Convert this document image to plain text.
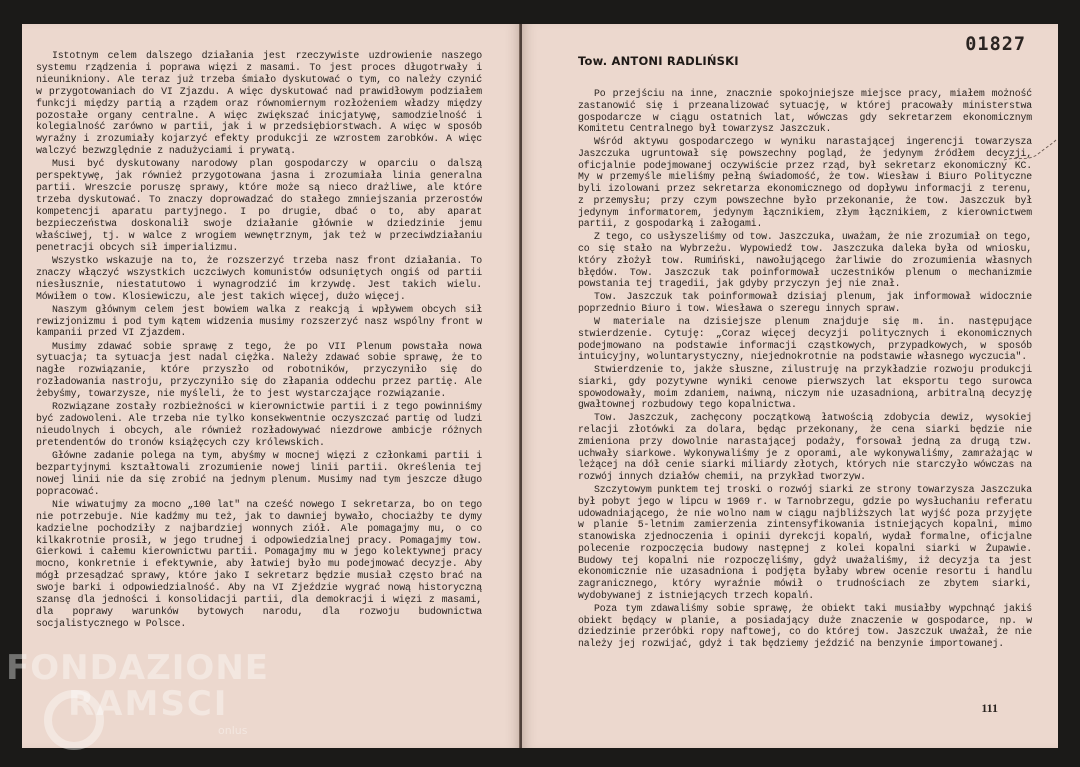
Istotnym celem dalszego działania jest rzeczywiste uzdrowienie naszego systemu rządzenia i poprawa więzi z masami. To jest proces długotrwały i nieunikniony. Ale teraz już trzeba śmiało dyskutować o tym, co należy czynić w przygotowaniach do VI Zjazdu. A więc dyskutować nad prawidłowym podziałem funkcji między partią a rządem oraz równomiernym rozłożeniem władzy między pozostałe organy centralne. A więc zwiększać inicjatywę, samodzielność i kolegialność zarówno w partii, jak i w przedsiębiorstwach. A więc w sposób wyraźny i zrozumiały kojarzyć efekty produkcji ze wzrostem zarobków. A więc walczyć bezwzględnie z nadużyciami i prywatą.

Musi być dyskutowany narodowy plan gospodarczy w oparciu o dalszą perspektywę, jak również przygotowana jasna i zrozumiała linia generalna partii. Wreszcie poruszę sprawy, które może są nieco drażliwe, ale które trzeba dyskutować. To znaczy doprowadzać do stałego zmniejszania przerostów kompetencji aparatu partyjnego. I po drugie, dbać o to, aby aparat bezpieczeństwa doskonalił swoje działanie głównie w dziedzinie jemu właściwej, tj. w walce z wrogiem wewnętrznym, jak też w przeciwdziałaniu penetracji obcych sił imperializmu.

Wszystko wskazuje na to, że rozszerzyć trzeba nasz front działania. To znaczy włączyć wszystkich uczciwych komunistów odsuniętych ongiś od partii niesłusznie, niestatutowo i wynagrodzić im krzywdę. Jest takich wielu. Mówiłem o tow. Klosiewiczu, ale jest takich więcej, dużo więcej.

Naszym głównym celem jest bowiem walka z reakcją i wpływem obcych sił rewizjonizmu i pod tym kątem widzenia musimy rozszerzyć nasz wspólny front w kampanii przed VI Zjazdem.

Musimy zdawać sobie sprawę z tego, że po VII Plenum powstała nowa sytuacja; ta sytuacja jest nadal ciężka. Należy zdawać sobie sprawę, że to nagłe rozwiązanie, które przyszło od robotników, przyczyniło się do rozładowania nastroju, przyczyniło się do złapania oddechu przez partię. Ale żebyśmy, towarzysze, nie myśleli, że to jest wystarczające rozwiązanie.

Rozwiązane zostały rozbieżności w kierownictwie partii i z tego powinniśmy być zadowoleni. Ale trzeba nie tylko konsekwentnie oczyszczać partię od ludzi nieudolnych i obcych, ale również rozładowywać niezdrowe ambicje różnych pretendentów do tronów książęcych czy królewskich.

Główne zadanie polega na tym, abyśmy w mocnej więzi z członkami partii i bezpartyjnymi kształtowali zrozumienie nowej linii partii. Określenia tej nowej linii nie da się zrobić na jednym plenum. Musimy nad tym jeszcze długo popracować.

Nie wiwatujmy za mocno „100 lat" na cześć nowego I sekretarza, bo on tego nie potrzebuje. Nie kadźmy mu też, jak to dawniej bywało, chociażby te dymy kadzielne pochodziły z najbardziej wonnych ziół. Ale pomagajmy mu, o co kilkakrotnie prosił, w jego trudnej i odpowiedzialnej pracy. Pomagajmy tow. Gierkowi i całemu kierownictwu partii. Pomagajmy mu w jego kolektywnej pracy mocno, konkretnie i efektywnie, aby łatwiej było mu podejmować decyzje. Aby mógł przesądzać sprawy, które jako I sekretarz będzie musiał często brać na swoje barki i odpowiedzialność. Aby na VI Zjeździe wygrać nową historyczną szansę dla jedności i konsolidacji partii, dla demokracji i więzi z masami, dla poprawy warunków bytowych narodu, dla rozwoju budownictwa socjalistycznego w Polsce.

01827
Tow. ANTONI RADLIŃSKI

Po przejściu na inne, znacznie spokojniejsze miejsce pracy, miałem możność zastanowić się i przeanalizować sytuację, w której pracowały ministerstwa gospodarcze w ciągu ostatnich lat, wówczas gdy sekretarzem ekonomicznym Komitetu Centralnego był towarzysz Jaszczuk.

Wśród aktywu gospodarczego w wyniku narastającej ingerencji towarzysza Jaszczuka ugruntował się powszechny pogląd, że jedynym źródłem decyzji, oficjalnie podejmowanej oczywiście przez rząd, był sekretarz ekonomiczny KC. My w przemyśle mieliśmy pełną świadomość, że tow. Wiesław i Biuro Polityczne byli izolowani przez sekretarza ekonomicznego od dopływu informacji z terenu, z przemysłu; przy czym powszechne było przekonanie, że tow. Jaszczuk był jedynym informatorem, jedynym łącznikiem, złym łącznikiem, z kierownictwem partii, z gospodarką i załogami.

Z tego, co usłyszeliśmy od tow. Jaszczuka, uważam, że nie zrozumiał on tego, co się stało na Wybrzeżu. Wypowiedź tow. Jaszczuka daleka była od wniosku, który złożył tow. Rumiński, nawołującego żarliwie do zrozumienia własnych błędów. Tow. Jaszczuk tak poinformował uczestników plenum o mechanizmie powstania tej tragedii, jak gdyby przyczyn jej nie znał.

Tow. Jaszczuk tak poinformował dzisiaj plenum, jak informował widocznie poprzednio Biuro i tow. Wiesława o szeregu innych spraw.

W materiale na dzisiejsze plenum znajduje się m. in. następujące stwierdzenie. Cytuję: „Coraz więcej decyzji politycznych i ekonomicznych podejmowano na podstawie informacji cząstkowych, przypadkowych, w sposób intuicyjny, woluntarystyczny, niejednokrotnie na podstawie własnego wyczucia".

Stwierdzenie to, jakże słuszne, zilustruję na przykładzie rozwoju produkcji siarki, gdy pozytywne wyniki cenowe pierwszych lat eksportu tego surowca spowodowały, moim zdaniem, naiwną, niczym nie uzasadnioną, arbitralną decyzję gwałtownej rozbudowy tego kopalnictwa.

Tow. Jaszczuk, zachęcony początkową łatwością zdobycia dewiz, wysokiej relacji złotówki za dolara, będąc przekonany, że cena siarki będzie nie zmieniona przy dowolnie narastającej podaży, forsował jedną za drugą tzw. uchwały siarkowe. Wykonywaliśmy je z oporami, ale wykonywaliśmy, zamrażając w leżącej na dół cenie siarki miliardy złotych, których nie starczyło wówczas na rozwój innych działów chemii, na przykład tworzyw.

Szczytowym punktem tej troski o rozwój siarki ze strony towarzysza Jaszczuka był pobyt jego w lipcu w 1969 r. w Tarnobrzegu, gdzie po wysłuchaniu referatu udowadniającego, że nie wolno nam w ciągu najbliższych lat wyjść poza przyjęte w planie 5-letnim zamierzenia zintensyfikowania istniejących kopalni, mimo stanowiska zjednoczenia i opinii dyrekcji kopalń, wydał formalne, oficjalne polecenie rozpoczęcia budowy następnej z kolei kopalni siarki w Żupawie. Budowy tej kopalni nie rozpoczęliśmy, gdyż uważaliśmy, iż decyzja ta jest ekonomicznie nie uzasadniona i podjęta byłaby wbrew ocenie resortu i handlu zagranicznego, który wyraźnie mówił o trudnościach ze zbytem siarki, wydobywanej z istniejących trzech kopalń.

Poza tym zdawaliśmy sobie sprawę, że obiekt taki musiałby wypchnąć jakiś obiekt będący w planie, a posiadający duże znaczenie w gospodarce, np. w dziedzinie przeróbki ropy naftowej, co do której tow. Jaszczuk uważał, że nie należy jej rozwijać, gdyż i tak będziemy jeździć na benzynie importowanej.

111
FONDAZIONE
RAMSCI
onlus
